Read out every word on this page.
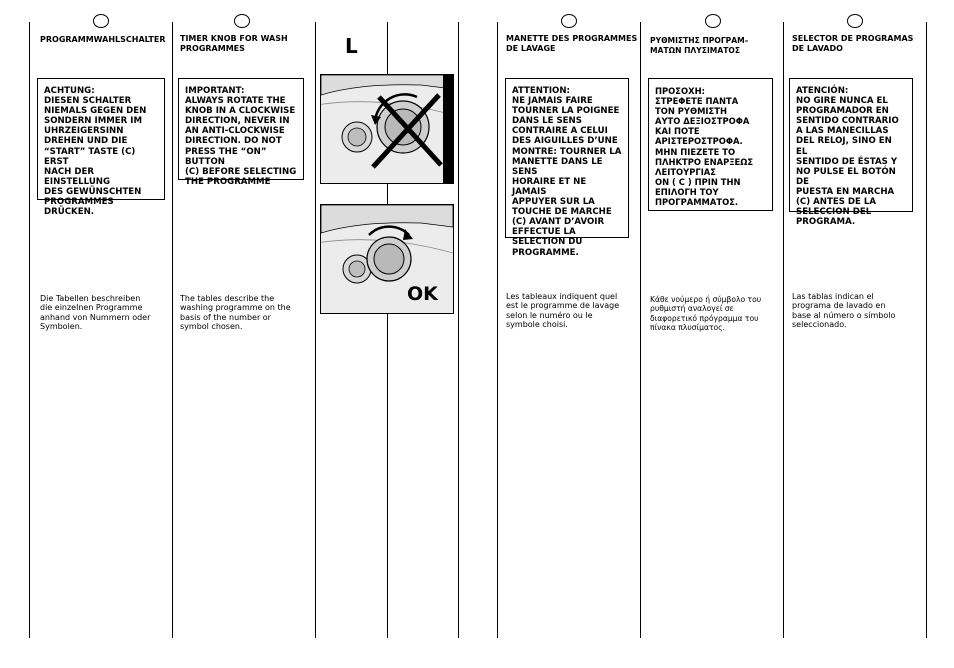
PROGRAMMWAHLSCHALTER
ACHTUNG:
DIESEN SCHALTER
NIEMALS GEGEN DEN
SONDERN IMMER IM
UHRZEIGERSINN
DREHEN UND DIE
“START” TASTE (C) ERST
NACH DER EINSTELLUNG
DES GEWÜNSCHTEN
PROGRAMMES
DRÜCKEN.
Die Tabellen beschreiben
die einzelnen Programme
anhand von Nummern oder
Symbolen.
TIMER KNOB FOR WASH
PROGRAMMES
IMPORTANT:
ALWAYS ROTATE THE
KNOB IN A CLOCKWISE
DIRECTION, NEVER IN
AN ANTI-CLOCKWISE
DIRECTION. DO NOT
PRESS THE “ON” BUTTON
(C) BEFORE SELECTING
THE PROGRAMME
The tables describe the
washing programme on the
basis of the number or
symbol chosen.
L
OK
MANETTE DES PROGRAMMES
DE LAVAGE
ATTENTION:
NE JAMAIS FAIRE
TOURNER LA POIGNEE
DANS LE SENS
CONTRAIRE A CELUI
DES AIGUILLES D’UNE
MONTRE: TOURNER LA
MANETTE DANS LE SENS
HORAIRE ET NE JAMAIS
APPUYER SUR LA
TOUCHE DE MARCHE
(C) AVANT D’AVOIR
EFFECTUE LA
SELECTION DU
PROGRAMME.
Les tableaux indiquent quel
est le programme de lavage
selon le numéro ou le
symbole choisi.
ΡΥΘΜΙΣΤΗΣ ΠΡΟΓΡΑΜ–
ΜΑΤΩΝ ΠΛΥΣΙΜΑΤΟΣ
ΠΡΟΣΟΧΗ:
ΣΤΡΕΦΕΤΕ ΠΑΝΤΑ
ΤΟΝ ΡΥΘΜΙΣΤΗ
ΑΥΤΟ ΔΕΞΙΟΣΤΡΟΦΑ
ΚΑΙ ΠΟΤΕ
ΑΡΙΣΤΕΡΟΣΤΡΟΦΑ.
ΜΗΝ ΠΙΕΖΕΤΕ ΤΟ
ΠΛΗΚΤΡΟ ΕΝΑΡΞΕΩΣ
ΛΕΙΤΟΥΡΓΙΑΣ
ON ( C ) ΠΡΙΝ ΤΗΝ
ΕΠΙΛΟΓΗ ΤΟΥ
ΠΡΟΓΡΑΜΜΑΤΟΣ.
Κάθε νούμερο ή σύμβολο του
ρυθμιστή αναλογεί σε
διαφορετικό πρόγραμμα του
πίνακα πλυσίματος.
SELECTOR DE PROGRAMAS
DE LAVADO
ATENCIÓN:
NO GIRE NUNCA EL
PROGRAMADOR EN
SENTIDO CONTRARIO
A LAS MANECILLAS
DEL RELOJ, SINO EN EL
SENTIDO DE ÉSTAS Y
NO PULSE EL BOTÓN DE
PUESTA EN MARCHA
(C) ANTES DE LA
SELECCION DEL
PROGRAMA.
Las tablas indican el
programa de lavado en
base al número o símbolo
seleccionado.
